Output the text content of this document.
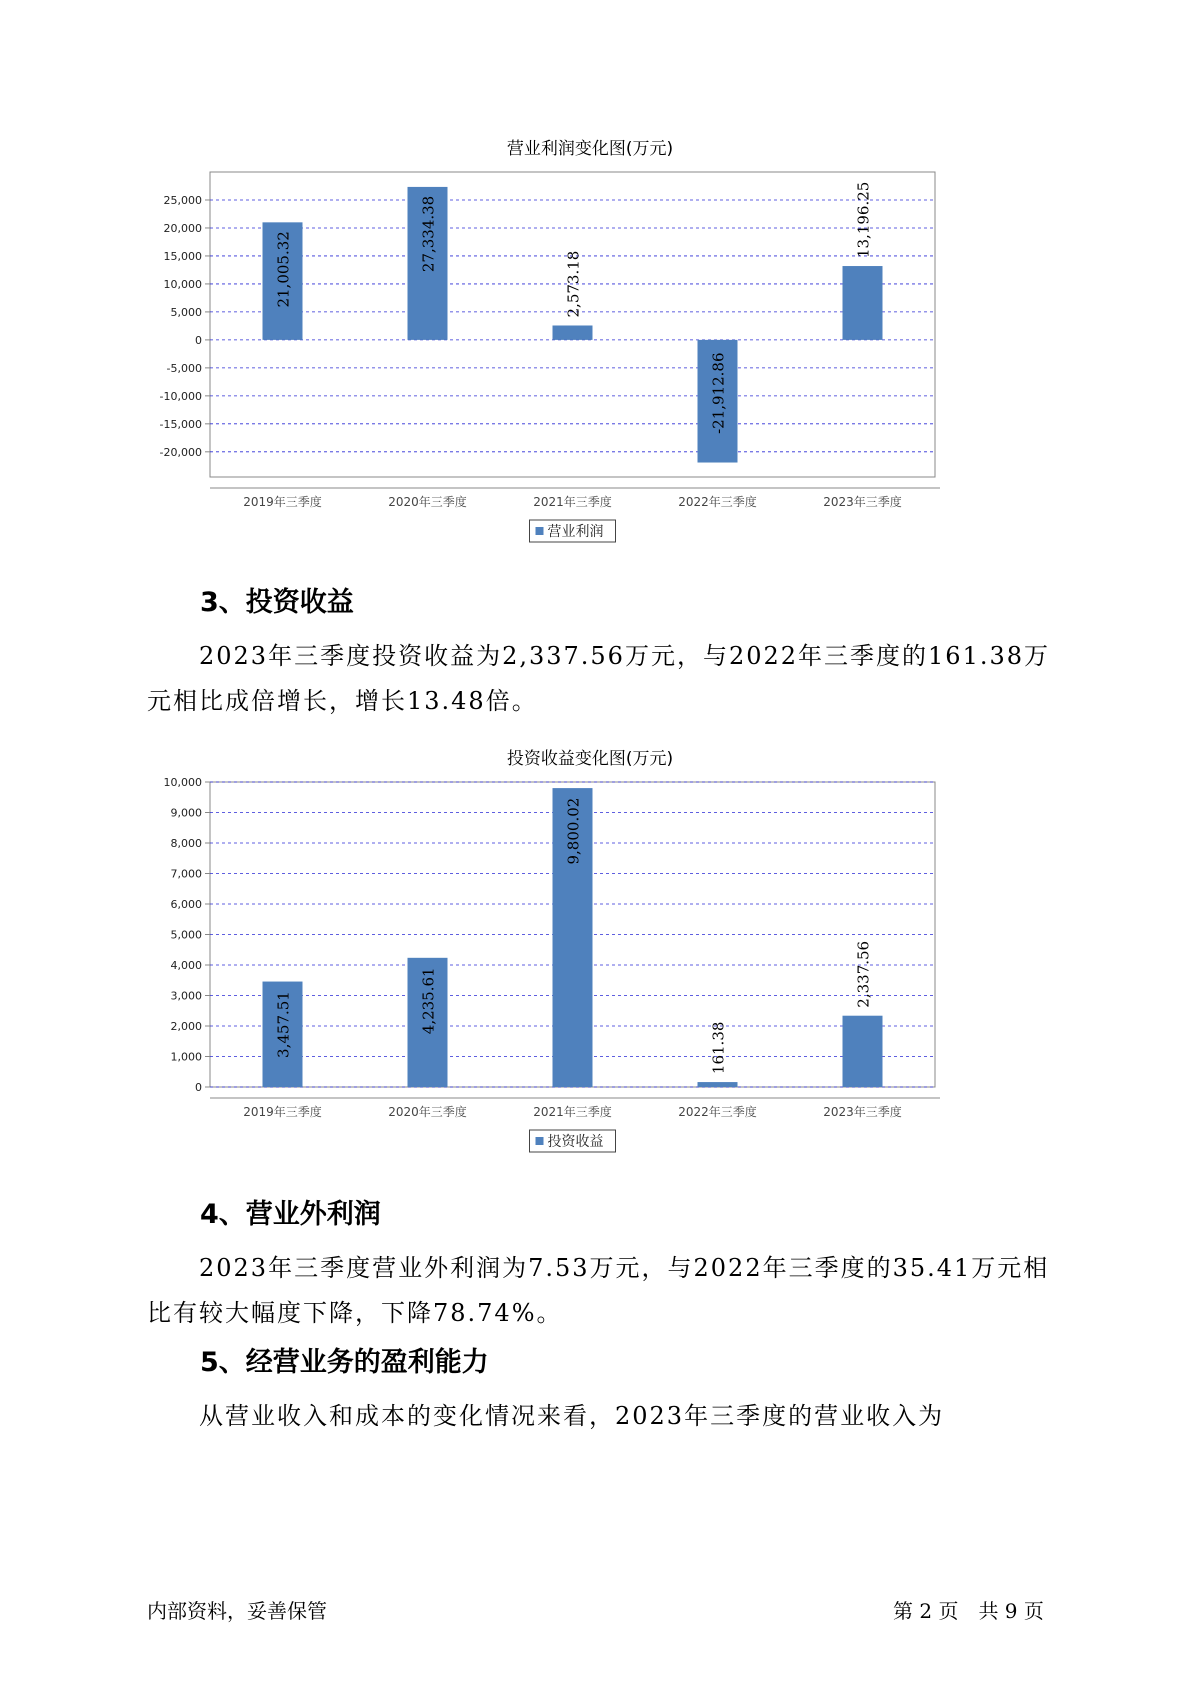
营业利润变化图(万元)
25,000
20,000
15,000
10,000
5,000
0
-5,000
-10,000
-15,000
-20,000
21,005.32
2019年三季度
27,334.38
2020年三季度
2,573.18
2021年三季度
-21,912.86
2022年三季度
13,196.25
2023年三季度
营业利润
3、投资收益

2023年三季度投资收益为2,337.56万元，与2022年三季度的161.38万

元相比成倍增长，增长13.48倍。
投资收益变化图(万元)
10,000
9,000
8,000
7,000
6,000
5,000
4,000
3,000
2,000
1,000
0
3,457.51
2019年三季度
4,235.61
2020年三季度
9,800.02
2021年三季度
161.38
2022年三季度
2,337.56
2023年三季度
投资收益
4、营业外利润

2023年三季度营业外利润为7.53万元，与2022年三季度的35.41万元相

比有较大幅度下降，下降78.74%。
5、经营业务的盈利能力

从营业收入和成本的变化情况来看，2023年三季度的营业收入为

内部资料，妥善保管	第 2 页　共 9 页
